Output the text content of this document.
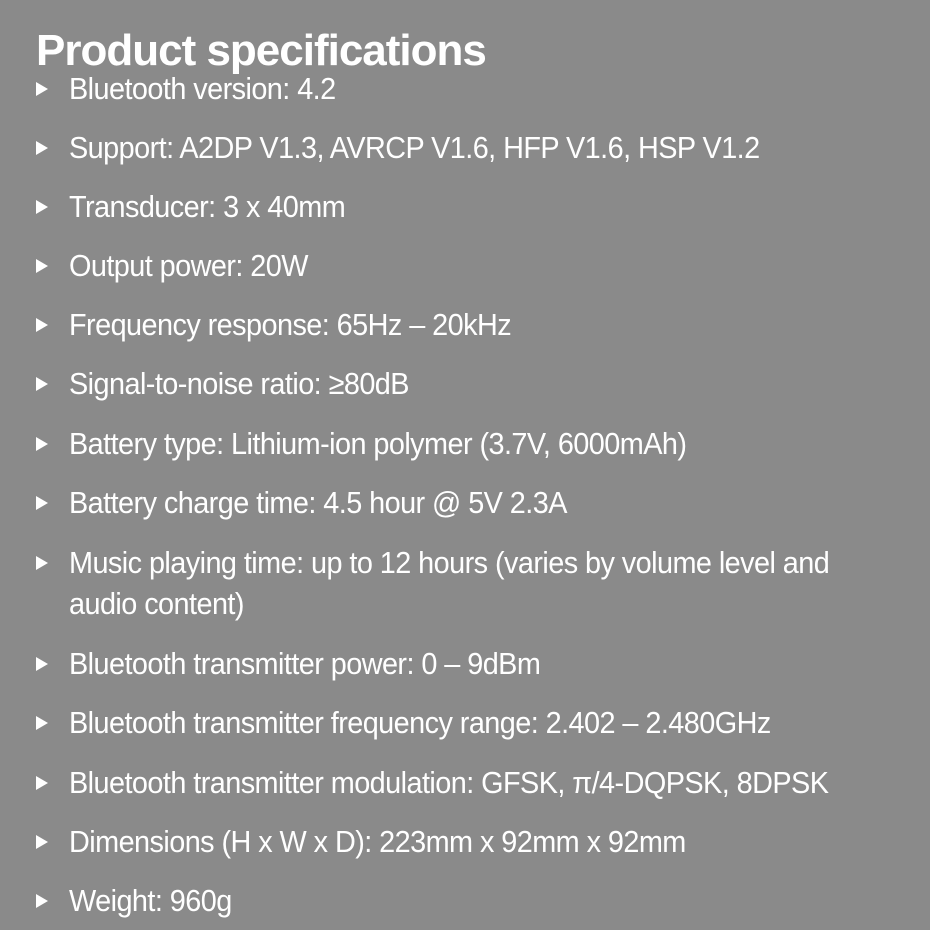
Product specifications
Bluetooth version: 4.2
Support: A2DP V1.3, AVRCP V1.6, HFP V1.6, HSP V1.2
Transducer: 3 x 40mm
Output power: 20W
Frequency response: 65Hz – 20kHz
Signal-to-noise ratio: ≥80dB
Battery type: Lithium-ion polymer (3.7V, 6000mAh)
Battery charge time: 4.5 hour @ 5V 2.3A
Music playing time: up to 12 hours (varies by volume level and audio content)
Bluetooth transmitter power: 0 – 9dBm
Bluetooth transmitter frequency range: 2.402 – 2.480GHz
Bluetooth transmitter modulation: GFSK, π/4-DQPSK, 8DPSK
Dimensions (H x W x D): 223mm x 92mm x 92mm
Weight: 960g
